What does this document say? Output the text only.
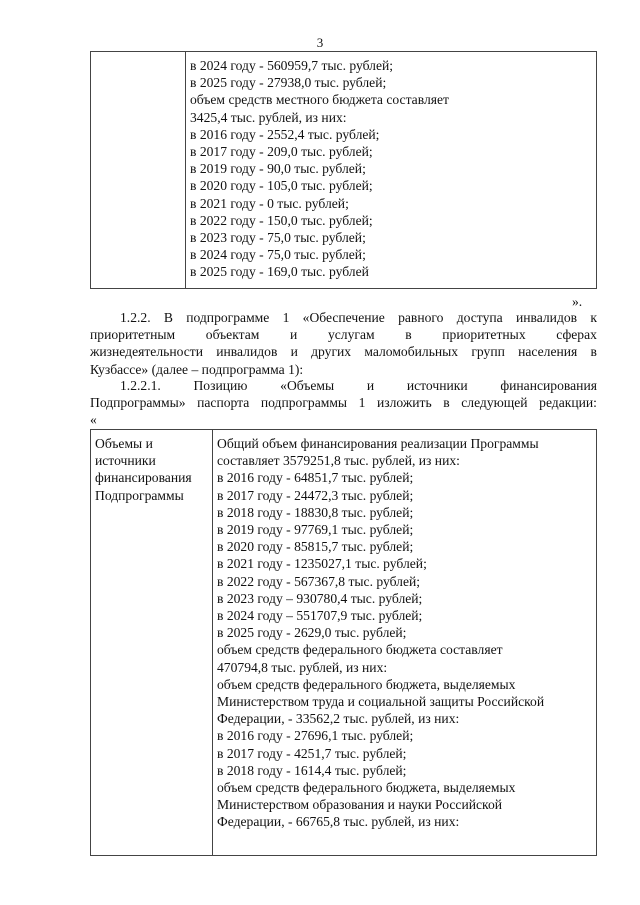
3
в 2024 году - 560959,7 тыс. рублей;
в 2025 году - 27938,0 тыс. рублей;
объем средств местного бюджета составляет
3425,4 тыс. рублей, из них:
в 2016 году - 2552,4 тыс. рублей;
в 2017 году - 209,0 тыс. рублей;
в 2019 году - 90,0 тыс. рублей;
в 2020 году - 105,0 тыс. рублей;
в 2021 году - 0 тыс. рублей;
в 2022 году - 150,0 тыс. рублей;
в 2023 году - 75,0 тыс. рублей;
в 2024 году - 75,0 тыс. рублей;
в 2025 году - 169,0 тыс. рублей
».
1.2.2. В подпрограмме 1 «Обеспечение равного доступа инвалидов к
приоритетным объектам и услугам в приоритетных сферах
жизнедеятельности инвалидов и других маломобильных групп населения в
Кузбассе» (далее – подпрограмма 1):
1.2.2.1. Позицию «Объемы и источники финансирования
Подпрограммы» паспорта подпрограммы 1 изложить в следующей редакции:
«
Объемы и
источники
финансирования
Подпрограммы
Общий объем финансирования реализации Программы
составляет 3579251,8 тыс. рублей, из них:
в 2016 году - 64851,7 тыс. рублей;
в 2017 году - 24472,3 тыс. рублей;
в 2018 году - 18830,8 тыс. рублей;
в 2019 году - 97769,1 тыс. рублей;
в 2020 году - 85815,7 тыс. рублей;
в 2021 году - 1235027,1 тыс. рублей;
в 2022 году - 567367,8 тыс. рублей;
в 2023 году – 930780,4 тыс. рублей;
в 2024 году – 551707,9 тыс. рублей;
в 2025 году - 2629,0 тыс. рублей;
объем средств федерального бюджета составляет
470794,8 тыс. рублей, из них:
объем средств федерального бюджета, выделяемых
Министерством труда и социальной защиты Российской
Федерации, - 33562,2 тыс. рублей, из них:
в 2016 году - 27696,1 тыс. рублей;
в 2017 году - 4251,7 тыс. рублей;
в 2018 году - 1614,4 тыс. рублей;
объем средств федерального бюджета, выделяемых
Министерством образования и науки Российской
Федерации, - 66765,8 тыс. рублей, из них:
